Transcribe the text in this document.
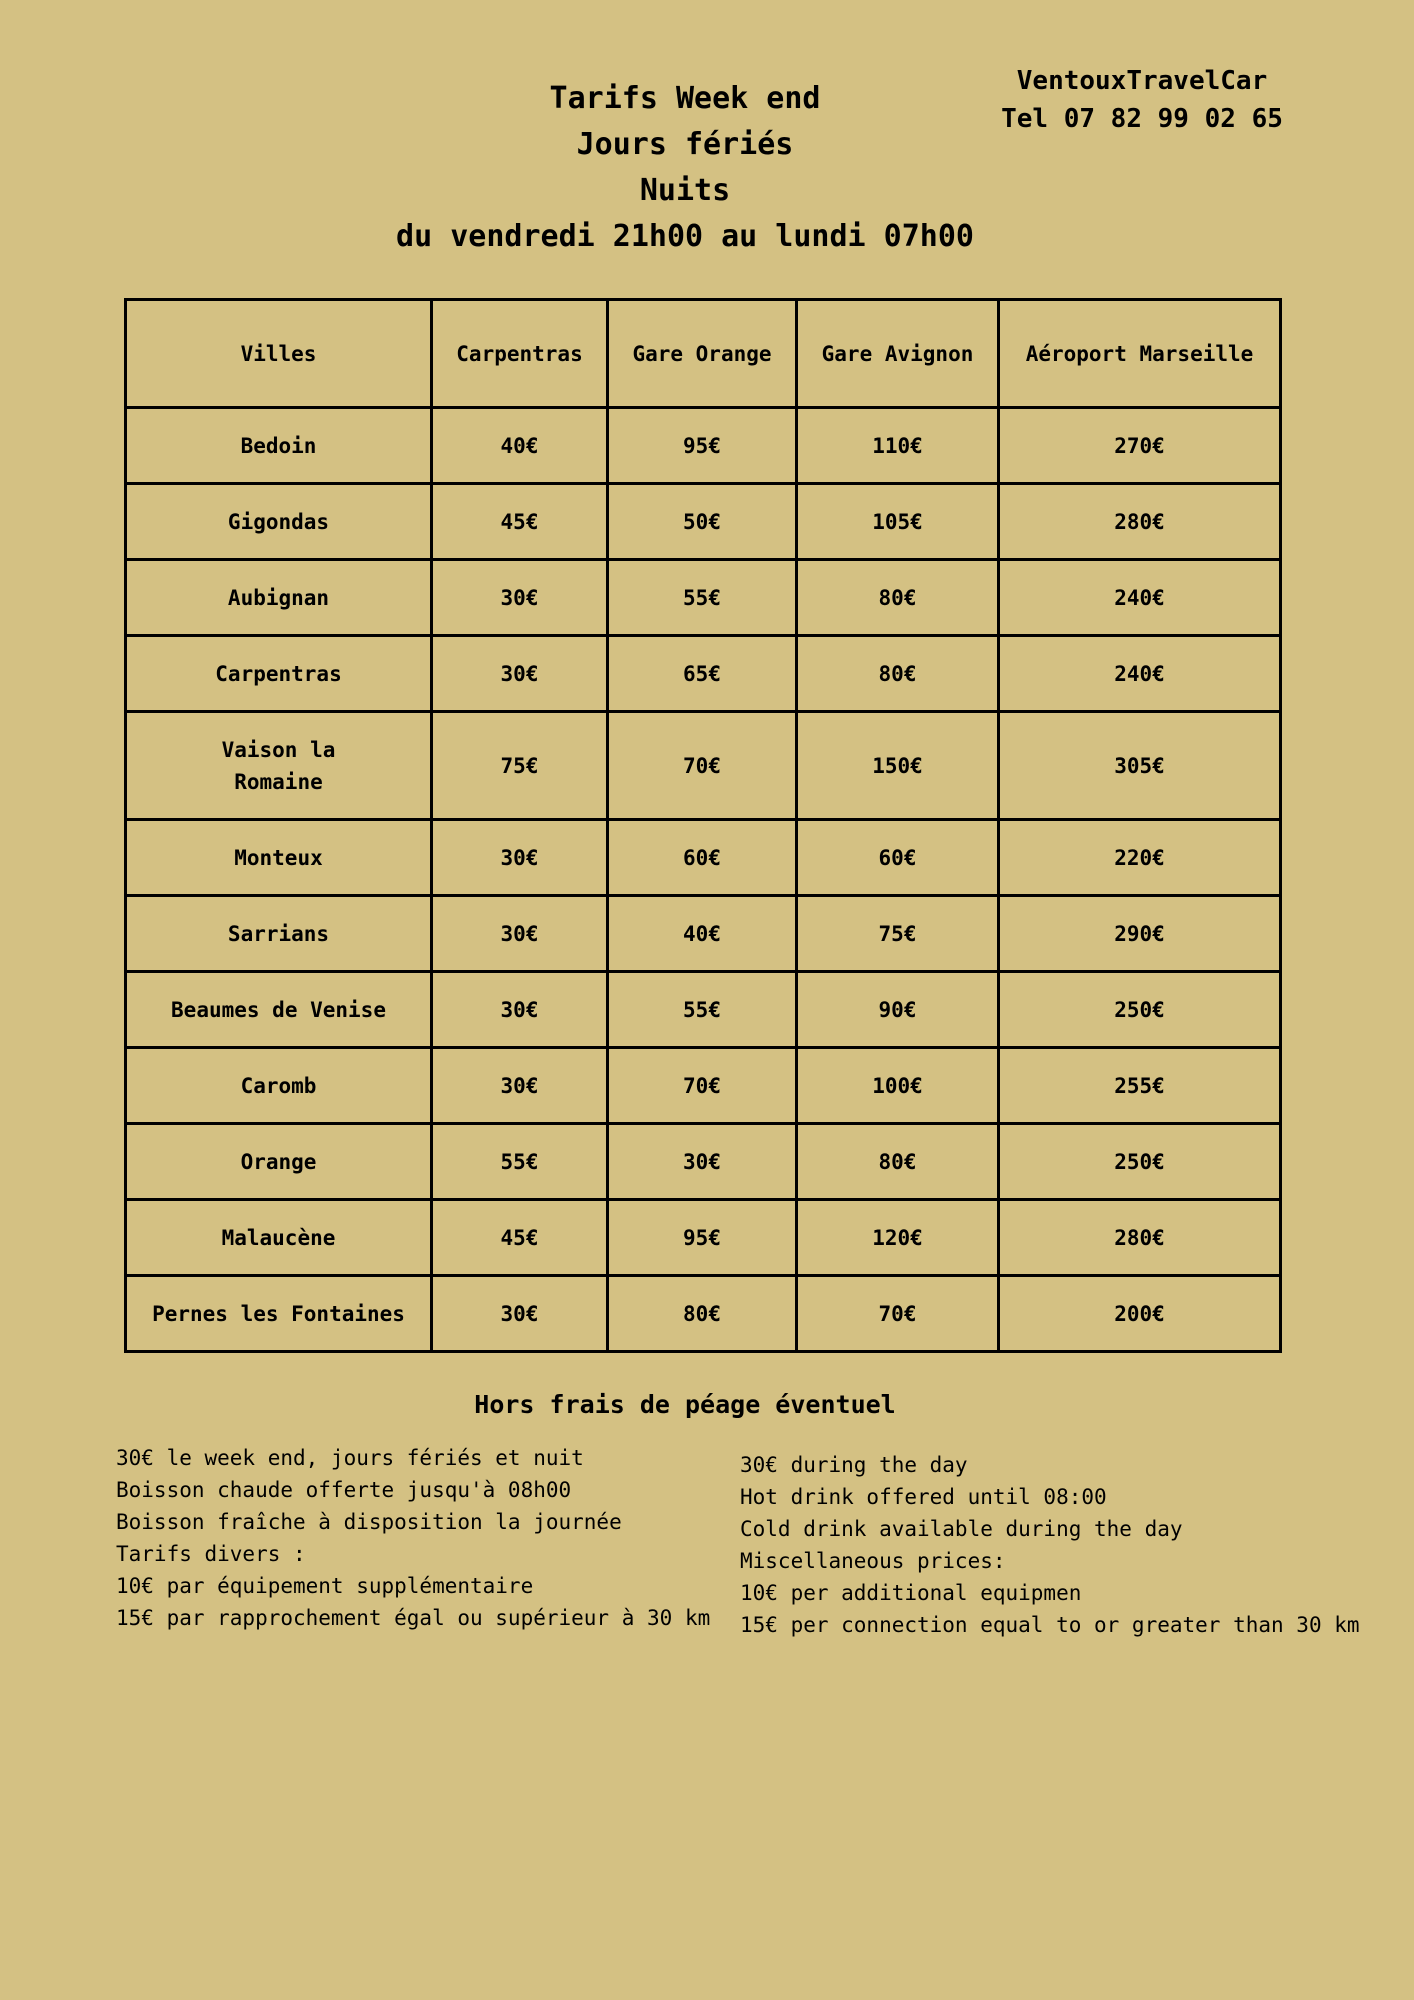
VentouxTravelCar
Tel 07 82 99 02 65
Tarifs Week end
Jours fériés
Nuits
du vendredi 21h00 au lundi 07h00
Villes	Carpentras	Gare Orange	Gare Avignon	Aéroport Marseille
Bedoin	40€	95€	110€	270€
Gigondas	45€	50€	105€	280€
Aubignan	30€	55€	80€	240€
Carpentras	30€	65€	80€	240€

Vaison la Romaine	75€	70€	150€	305€
Monteux	30€	60€	60€	220€
Sarrians	30€	40€	75€	290€
Beaumes de Venise	30€	55€	90€	250€
Caromb	30€	70€	100€	255€
Orange	55€	30€	80€	250€
Malaucène	45€	95€	120€	280€
Pernes les Fontaines	30€	80€	70€	200€
Hors frais de péage éventuel
30€ le week end, jours fériés et nuit
Boisson chaude offerte jusqu'à 08h00
Boisson fraîche à disposition la journée
Tarifs divers :
10€ par équipement supplémentaire
15€ par rapprochement égal ou supérieur à 30 km
30€ during the day
Hot drink offered until 08:00
Cold drink available during the day
Miscellaneous prices:
10€ per additional equipmen
15€ per connection equal to or greater than 30 km
